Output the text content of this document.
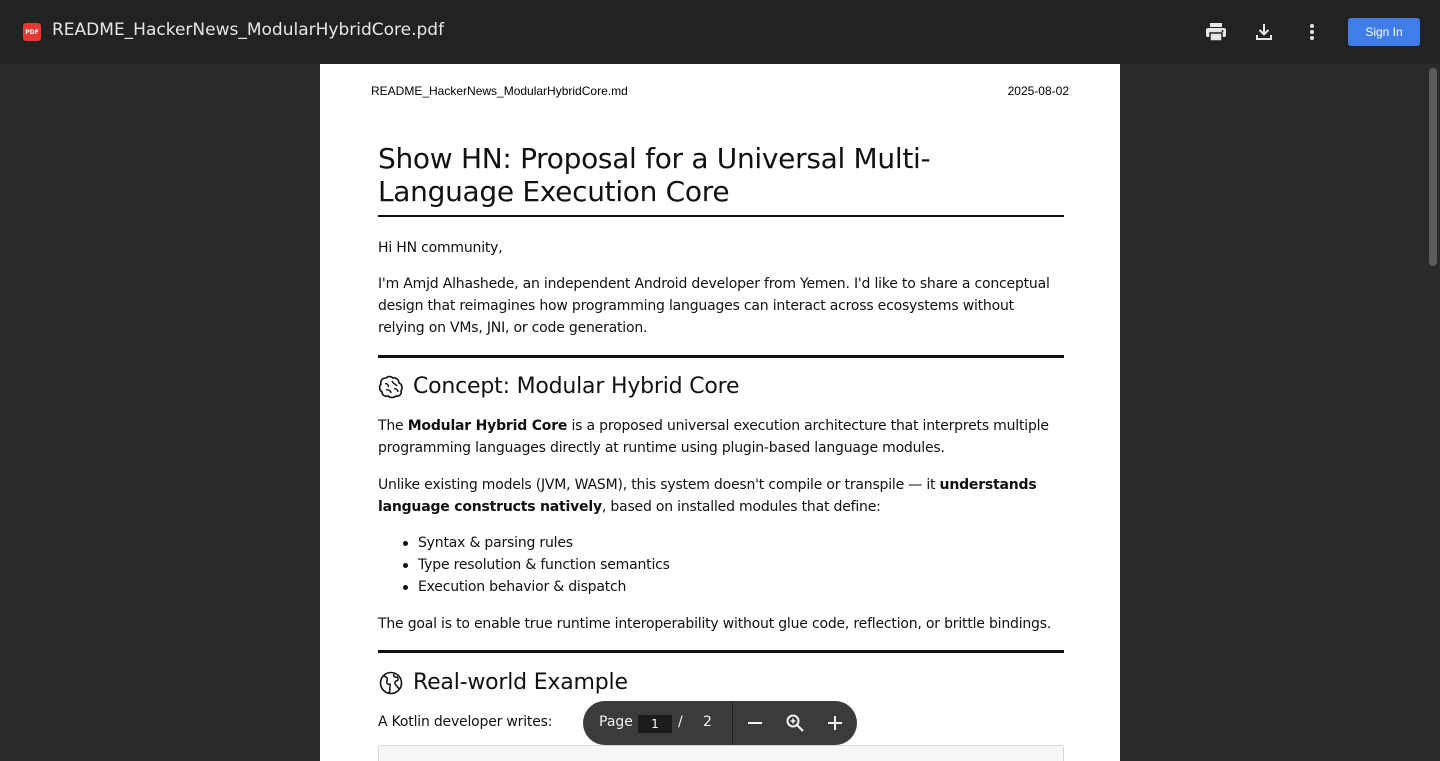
PDF README_HackerNews_ModularHybridCore.pdf	Sign In
README_HackerNews_ModularHybridCore.md	2025-08-02
Show HN: Proposal for a Universal Multi-Language Execution Core
Hi HN community,
I'm Amjd Alhashede, an independent Android developer from Yemen. I'd like to share a conceptual design that reimagines how programming languages can interact across ecosystems without relying on VMs, JNI, or code generation.
Concept: Modular Hybrid Core
The Modular Hybrid Core is a proposed universal execution architecture that interprets multiple programming languages directly at runtime using plugin-based language modules.
Unlike existing models (JVM, WASM), this system doesn't compile or transpile — it understands language constructs natively, based on installed modules that define:
Syntax & parsing rules
Type resolution & function semantics
Execution behavior & dispatch
The goal is to enable true runtime interoperability without glue code, reflection, or brittle bindings.
Real-world Example
A Kotlin developer writes:	Page
1	/ 2
